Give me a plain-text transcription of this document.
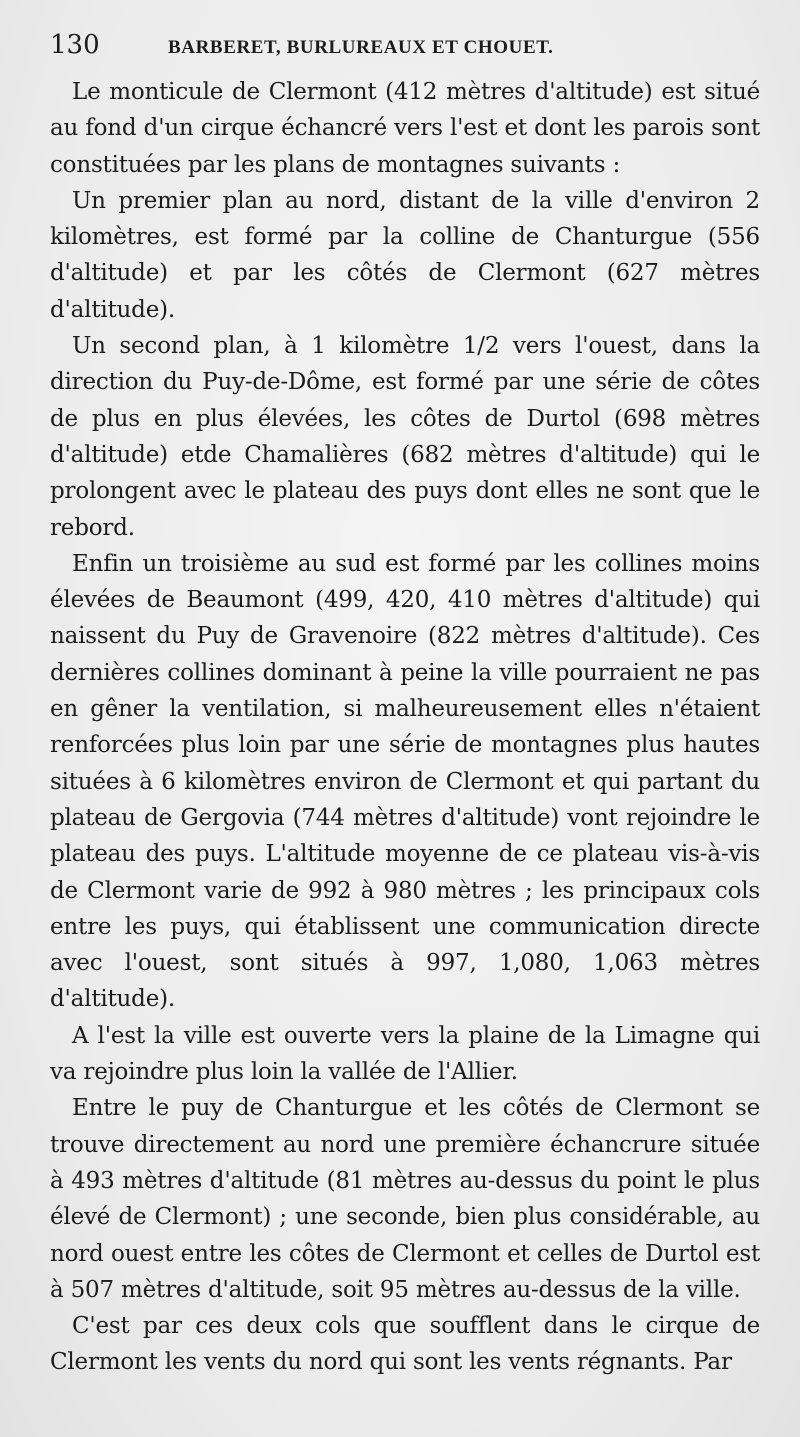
130	BARBERET, BURLUREAUX ET CHOUET.

Le monticule de Clermont (412 mètres d'altitude) est situé au fond d'un cirque échancré vers l'est et dont les parois sont constituées par les plans de montagnes suivants :

Un premier plan au nord, distant de la ville d'environ 2 kilomètres, est formé par la colline de Chanturgue (556 d'altitude) et par les côtés de Clermont (627 mètres d'altitude).

Un second plan, à 1 kilomètre 1/2 vers l'ouest, dans la direction du Puy-de-Dôme, est formé par une série de côtes de plus en plus élevées, les côtes de Durtol (698 mètres d'altitude) etde Chamalières (682 mètres d'altitude) qui le prolongent avec le plateau des puys dont elles ne sont que le rebord.

Enfin un troisième au sud est formé par les collines moins élevées de Beaumont (499, 420, 410 mètres d'altitude) qui naissent du Puy de Gravenoire (822 mètres d'altitude). Ces dernières collines dominant à peine la ville pourraient ne pas en gêner la ventilation, si malheureusement elles n'étaient renforcées plus loin par une série de montagnes plus hautes situées à 6 kilomètres environ de Clermont et qui partant du plateau de Gergovia (744 mètres d'altitude) vont rejoindre le plateau des puys. L'altitude moyenne de ce plateau vis-à-vis de Clermont varie de 992 à 980 mètres ; les principaux cols entre les puys, qui établissent une communication directe avec l'ouest, sont situés à 997, 1,080, 1,063 mètres d'altitude).

A l'est la ville est ouverte vers la plaine de la Limagne qui va rejoindre plus loin la vallée de l'Allier.

Entre le puy de Chanturgue et les côtés de Clermont se trouve directement au nord une première échancrure située à 493 mètres d'altitude (81 mètres au-dessus du point le plus élevé de Clermont) ; une seconde, bien plus considérable, au nord ouest entre les côtes de Clermont et celles de Durtol est à 507 mètres d'altitude, soit 95 mètres au-dessus de la ville.

C'est par ces deux cols que soufflent dans le cirque de Clermont les vents du nord qui sont les vents régnants. Par
